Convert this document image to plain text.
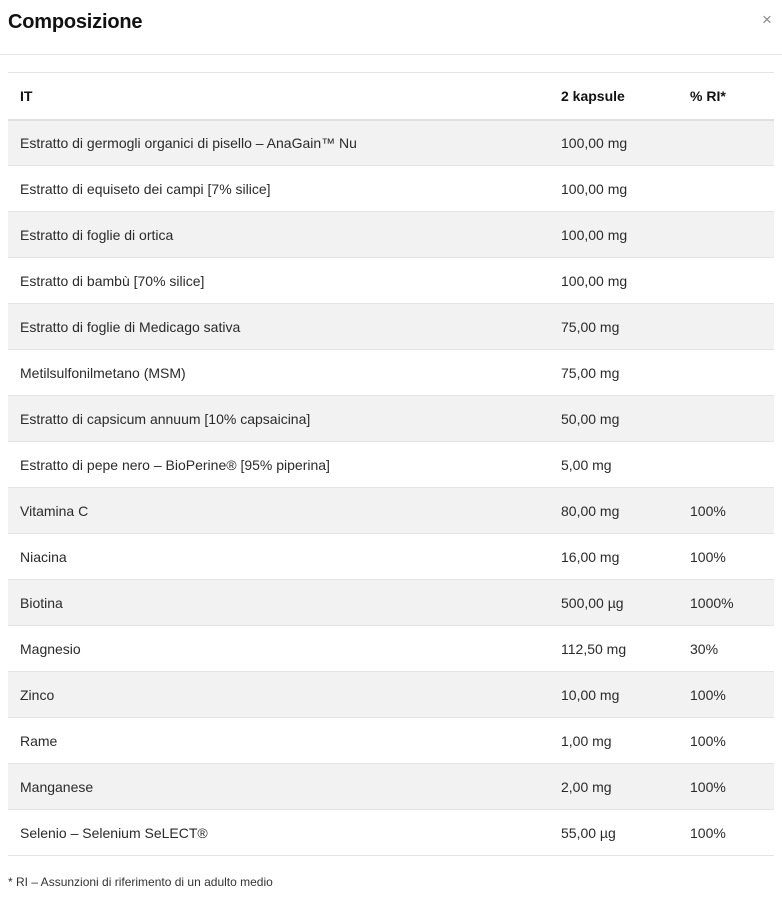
Composizione	×
IT	2 kapsule	% RI*
Estratto di germogli organici di pisello – AnaGain™ Nu	100,00 mg	
Estratto di equiseto dei campi [7% silice]	100,00 mg	
Estratto di foglie di ortica	100,00 mg	
Estratto di bambù [70% silice]	100,00 mg	
Estratto di foglie di Medicago sativa	75,00 mg	
Metilsulfonilmetano (MSM)	75,00 mg	
Estratto di capsicum annuum [10% capsaicina]	50,00 mg	
Estratto di pepe nero – BioPerine® [95% piperina]	5,00 mg	
Vitamina C	80,00 mg	100%
Niacina	16,00 mg	100%
Biotina	500,00 µg	1000%
Magnesio	112,50 mg	30%
Zinco	10,00 mg	100%
Rame	1,00 mg	100%
Manganese	2,00 mg	100%
Selenio – Selenium SeLECT®	55,00 µg	100%
* RI – Assunzioni di riferimento di un adulto medio
